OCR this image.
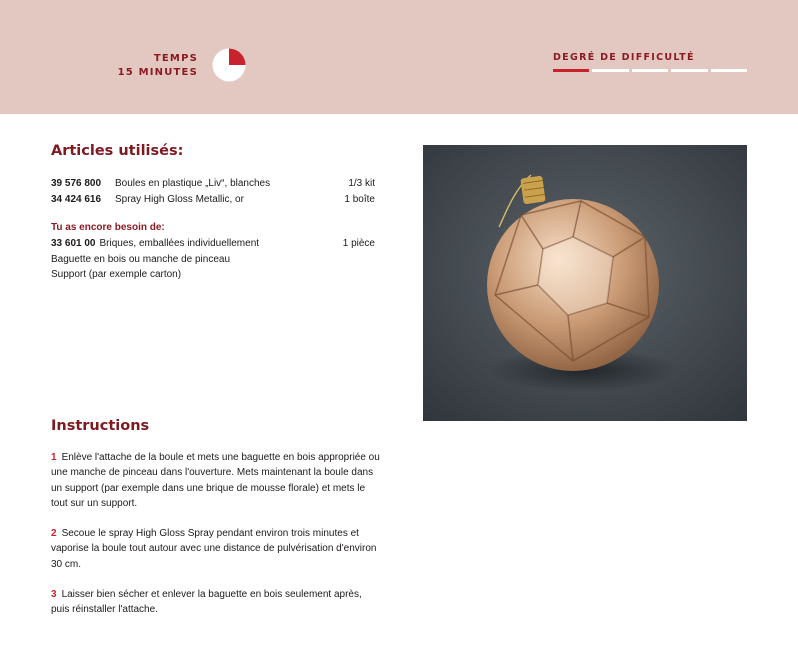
TEMPS
15 MINUTES
DEGRÉ DE DIFFICULTÉ
Articles utilisés:
39 576 800	Boules en plastique „Liv“, blanches	1/3 kit
34 424 616	Spray High Gloss Metallic, or	1 boîte
Tu as encore besoin de:
33 601 00 Briques, emballées individuellement	1 pièce
Baguette en bois ou manche de pinceau
Support (par exemple carton)
Instructions

1 Enlève l'attache de la boule et mets une baguette en bois appropriée ou une manche de pinceau dans l'ouverture. Mets maintenant la boule dans un support (par exemple dans une brique de mousse florale) et mets le tout sur un support.

2 Secoue le spray High Gloss Spray pendant environ trois minutes et vaporise la boule tout autour avec une distance de pulvérisation d'environ 30 cm.

3 Laisser bien sécher et enlever la baguette en bois seulement après, puis réinstaller l'attache.
